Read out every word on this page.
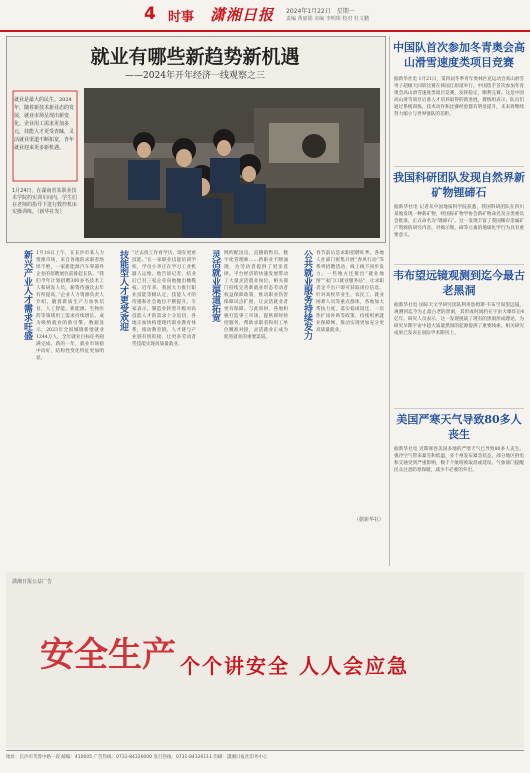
4 时事 潇湘日报 2024年1月22日　星期一
责编 黄丽娟 美编 李明珠 校对 杜文鹏
就业有哪些新趋势新机遇
——2024年开年经济一线观察之三
就业是最大的民生。2024年，随着新技术新业态的发展，就业市场呈现出新变化。企业用工需求更加多元，技能人才更受青睐，灵活就业渠道不断拓宽，青年就业迎来更多新机遇。
1月24日，在湖南省某职业技术学院的实训车间内，学生们在老师的指导下进行数控机床实操训练。（新华社发）
新兴产业人才需求旺盛 1月18日上午，在长沙市某人力资源市场，来自各地的求职者络绎不绝。一家新能源汽车零部件企业的招聘展位前排起长队。“我们今年计划招聘300多名技术工人和研发人员，薪资待遇比去年有所提高。”企业人力资源负责人介绍。随着新质生产力加快培育，人工智能、新能源、生物医药等领域用工需求持续增长，成为吸纳就业的新引擎。数据显示，2023年全国城镇新增就业1244万人，全年就业目标任务圆满完成。新的一年，就业市场稳中向好，结构性变化特征更加明显。
技能型人才更受欢迎 “过去找工作看学历，现在更看技能。”在一家职业技能培训学校，学员小李正在学习工业机器人运维。他告诉记者，结业后已有三家企业向他抛出橄榄枝。近年来，我国大力推行职业技能等级认定，技能人才的待遇和社会地位不断提升。专家表示，制造业转型升级对高技能人才的需求十分迫切，各地正加快构建现代职业教育体系，推动教育链、人才链与产业链有机衔接，让更多劳动者凭技能实现高质量就业。
灵活就业渠道拓宽 网约配送员、直播销售员、数字化管理师……新职业不断涌现，为劳动者提供了更多选择。平台经济的快速发展带动了大量灵活就业岗位。相关部门持续完善新就业形态劳动者权益保障政策，推动职业伤害保障试点扩围，让灵活就业者更有保障。与此同时，各地积极打造零工市场，提供即时快招服务，帮助求职者和用工单位精准对接，灵活就业正成为促进就业的重要渠道。	公共就业服务持续发力 春节前后是求职招聘旺季。各地人社部门密集开展“春风行动”等系列招聘活动，线上线下同步发力。一些地方还推出“就业地图”“家门口就业服务站”，让求职者足不出户即可获取岗位信息。针对高校毕业生、农民工、就业困难人员等重点群体，各地加大帮扶力度，落实稳岗返还、一次性扩岗补助等政策，持续织密就业保障网，推动实现更加充分更高质量就业。
（据新华社）
中国队首次参加冬青奥会高山滑雪速度类项目竞赛
据新华社电 1月21日，第四届冬季青年奥林匹克运动会高山滑雪男子超级大回转比赛在韩国江原道举行。中国选手首次参加冬青奥会高山滑雪速度类项目竞赛，发挥稳定，顺利完赛。这是中国高山滑雪项目后备人才培养取得的新进展。教练组表示，队员们通过系统训练，技术动作和比赛经验都有明显提升，未来将继续努力缩小与世界强队的差距。
我国科研团队发现自然界新矿物锂碲石
据新华社电 记者从中国地质科学院获悉，我国科研团队在四川某地发现一种新矿物，经国际矿物学协会新矿物命名及分类委员会批准，正式命名为“锂碲石”。这一发现丰富了我国稀有金属矿产资源的研究内容，对揭示锂、碲等元素的地球化学行为具有重要意义。
韦布望远镜观测到迄今最古老黑洞
据新华社电 国际天文学研究团队利用詹姆斯·韦布空间望远镜，观测到迄今为止最古老的黑洞，其形成时间约在宇宙大爆炸后4亿年。研究人员表示，这一发现挑战了现有的黑洞形成理论，为研究早期宇宙中超大质量黑洞的起源提供了重要线索。相关研究成果已发表在国际学术期刊上。
美国严寒天气导致80多人丧生
据新华社电 近期席卷美国多地的严寒天气已导致80多人丧生。强冷空气带来暴雪和低温，多个州发布紧急状态，部分地区供电和交通受到严重影响，数千个航班被取消或延误。气象部门提醒民众注意防寒保暖，减少不必要的外出。
潇湘日报公益广告
安全生产 个个讲安全 人人会应急
地址：长沙市芙蓉中路一段 邮编：410005 广告热线：0731-84326000 发行热线：0731-84326111 印刷：潇湘日报社印务中心
